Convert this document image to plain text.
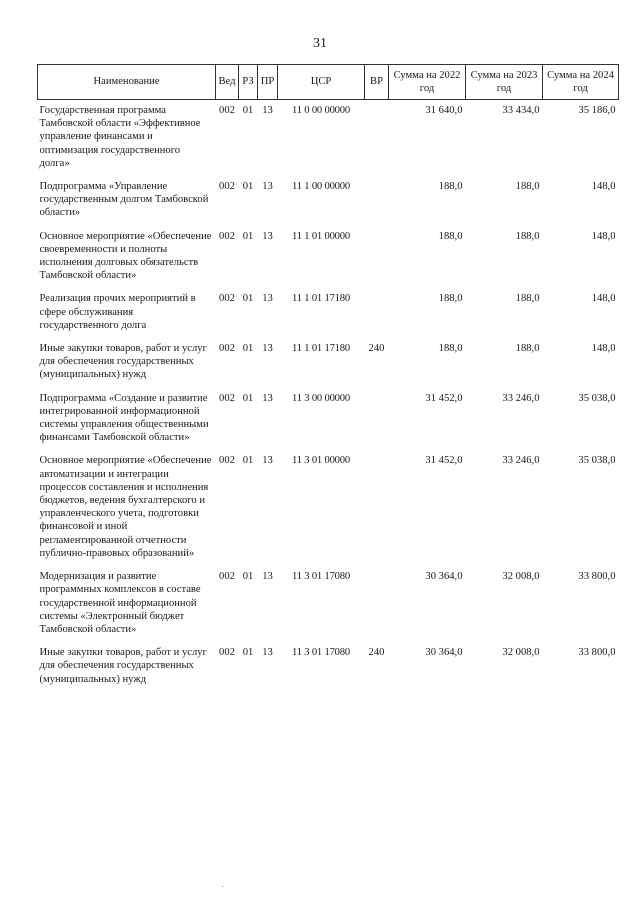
31
Наименование	Вед	РЗ	ПР	ЦСР	ВР	Сумма на 2022 год	Сумма на 2023 год	Сумма на 2024 год
Государственная программа Тамбовской области «Эффективное управление финансами и оптимизация государственного долга»	002	01	13	11 0 00 00000		31 640,0	33 434,0	35 186,0
Подпрограмма «Управление государственным долгом Тамбовской области»	002	01	13	11 1 00 00000		188,0	188,0	148,0
Основное мероприятие «Обеспечение своевременности и полноты исполнения долговых обязательств Тамбовской области»	002	01	13	11 1 01 00000		188,0	188,0	148,0
Реализация прочих мероприятий в сфере обслуживания государственного долга	002	01	13	11 1 01 17180		188,0	188,0	148,0
Иные закупки товаров, работ и услуг для обеспечения государственных (муниципальных) нужд	002	01	13	11 1 01 17180	240	188,0	188,0	148,0
Подпрограмма «Создание и развитие интегрированной информационной системы управления общественными финансами Тамбовской области»	002	01	13	11 3 00 00000		31 452,0	33 246,0	35 038,0
Основное мероприятие «Обеспечение автоматизации и интеграции процессов составления и исполнения бюджетов, ведения бухгалтерского и управленческого учета, подготовки финансовой и иной регламентированной отчетности публично-правовых образований»	002	01	13	11 3 01 00000		31 452,0	33 246,0	35 038,0
Модернизация и развитие программных комплексов в составе государственной информационной системы «Электронный бюджет Тамбовской области»	002	01	13	11 3 01 17080		30 364,0	32 008,0	33 800,0
Иные закупки товаров, работ и услуг для обеспечения государственных (муниципальных) нужд	002	01	13	11 3 01 17080	240	30 364,0	32 008,0	33 800,0
